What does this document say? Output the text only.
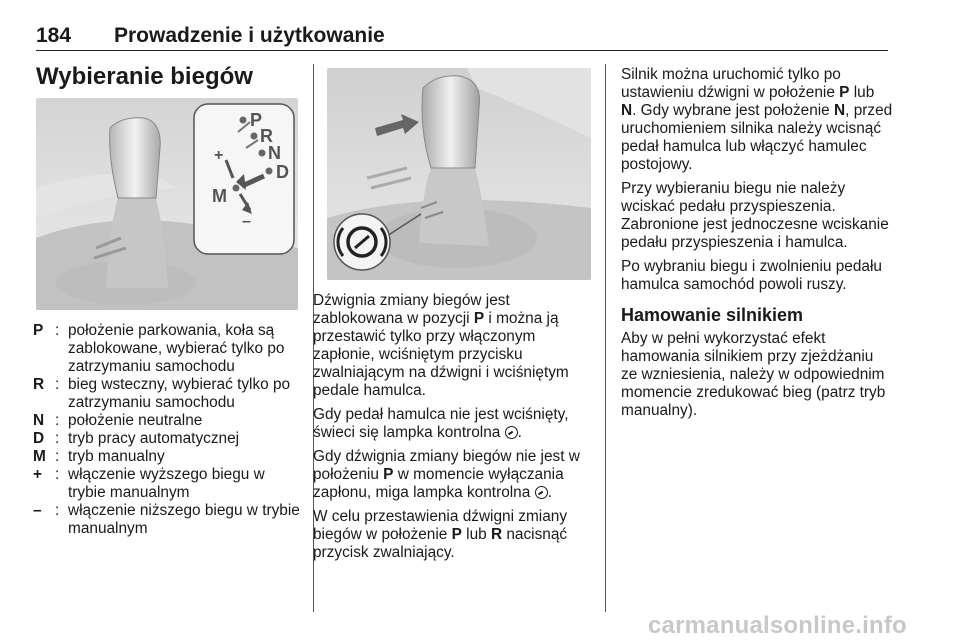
184 Prowadzenie i użytkowanie
Wybieranie biegów
P
R
N
D
M
+
–
P : położenie parkowania, koła są zablokowane, wybierać tylko po zatrzymaniu samochodu
R : bieg wsteczny, wybierać tylko po zatrzymaniu samochodu
N : położenie neutralne
D : tryb pracy automatycznej
M : tryb manualny
+ : włączenie wyższego biegu w trybie manualnym
– : włączenie niższego biegu w trybie manualnym

Dźwignia zmiany biegów jest zablokowana w pozycji P i można ją przestawić tylko przy włączonym zapłonie, wciśniętym przycisku zwalniającym na dźwigni i wciśniętym pedale hamulca.

Gdy pedał hamulca nie jest wciśnięty, świeci się lampka kontrolna .

Gdy dźwignia zmiany biegów nie jest w położeniu P w momencie wyłączania zapłonu, miga lampka kontrolna .

W celu przestawienia dźwigni zmiany biegów w położenie P lub R nacisnąć przycisk zwalniający.

Silnik można uruchomić tylko po ustawieniu dźwigni w położenie P lub N. Gdy wybrane jest położenie N, przed uruchomieniem silnika należy wcisnąć pedał hamulca lub włączyć hamulec postojowy.

Przy wybieraniu biegu nie należy wciskać pedału przyspieszenia. Zabronione jest jednoczesne wciskanie pedału przyspieszenia i hamulca.

Po wybraniu biegu i zwolnieniu pedału hamulca samochód powoli ruszy.

Hamowanie silnikiem

Aby w pełni wykorzystać efekt hamowania silnikiem przy zjeżdżaniu ze wzniesienia, należy w odpowiednim momencie zredukować bieg (patrz tryb manualny).

carmanualsonline.info
